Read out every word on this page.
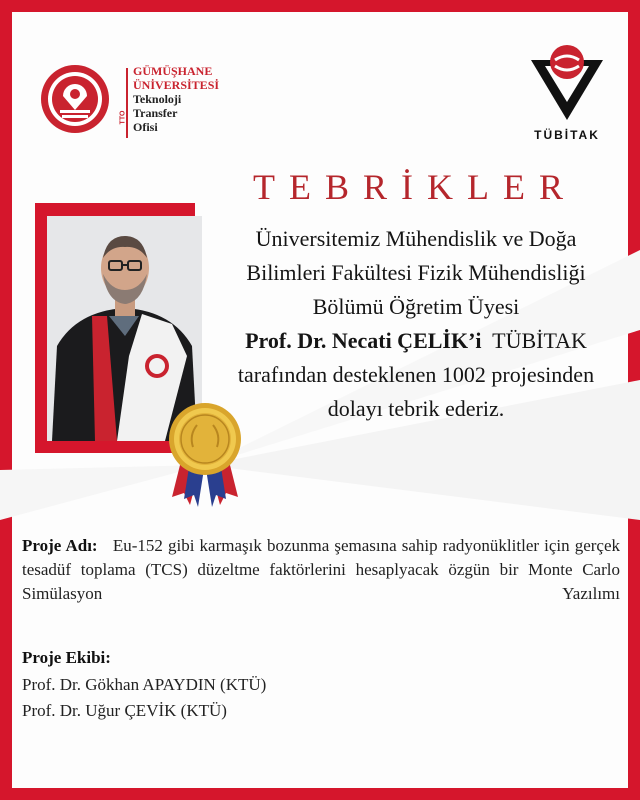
TTO
GÜMÜŞHANE
ÜNİVERSİTESİ
Teknoloji
Transfer
Ofisi
TÜBİTAK
TEBRİKLER
Üniversitemiz Mühendislik ve Doğa
Bilimleri Fakültesi Fizik Mühendisliği
Bölümü Öğretim Üyesi
Prof. Dr. Necati ÇELİK’i TÜBİTAK
tarafından desteklenen 1002 projesinden
dolayı tebrik ederiz.
Proje Adı: Eu-152 gibi karmaşık bozunma şemasına sahip radyonüklitler için gerçek tesadüf toplama (TCS) düzeltme faktörlerini hesaplyacak özgün bir Monte Carlo Simülasyon Yazılımı
Proje Ekibi:
Prof. Dr. Gökhan APAYDIN (KTÜ)
Prof. Dr. Uğur ÇEVİK (KTÜ)
